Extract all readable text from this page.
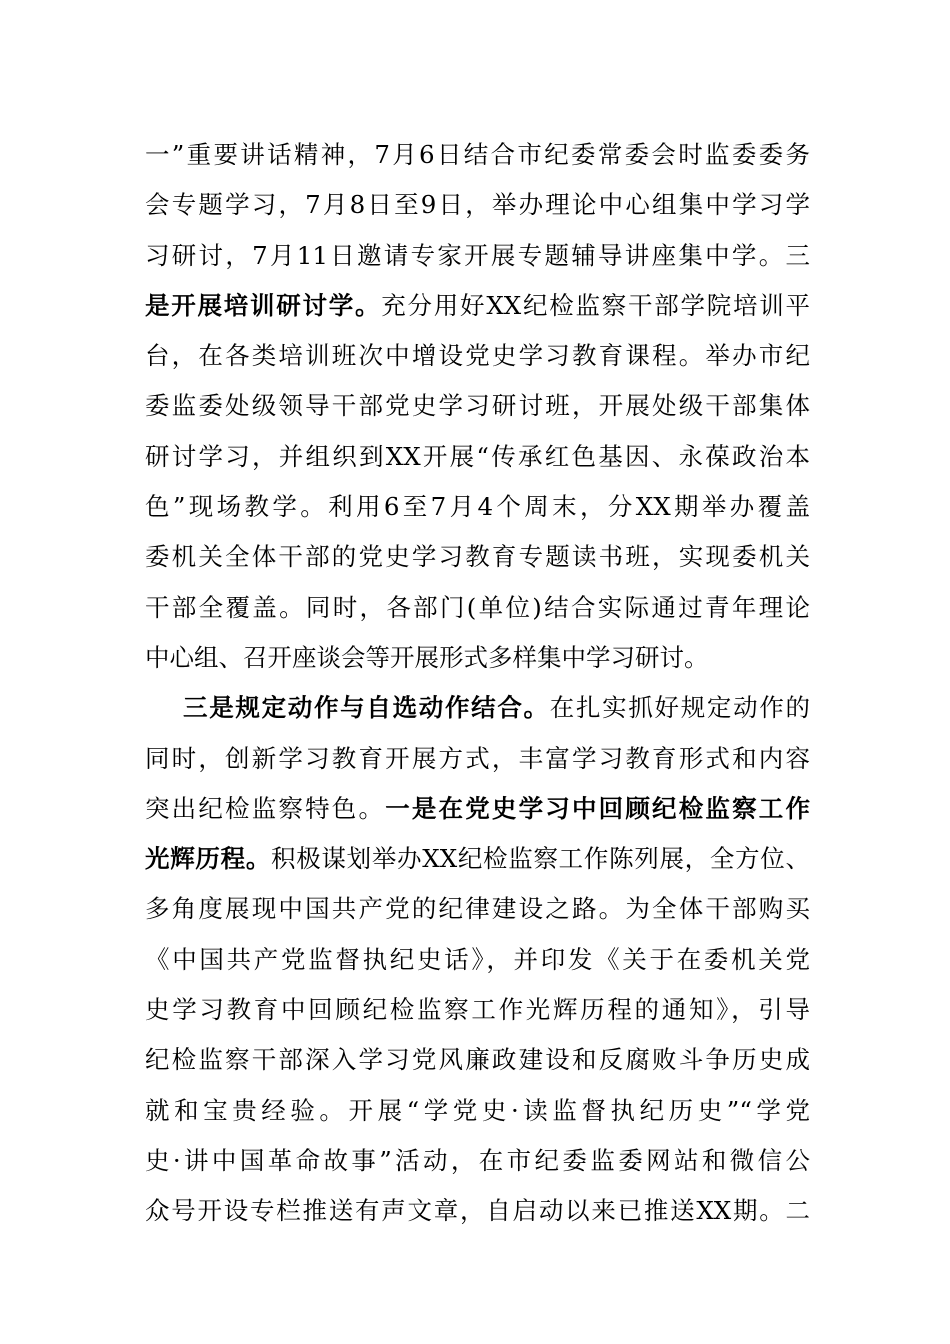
一”重要讲话精神，7月6日结合市纪委常委会时监委委务
会专题学习，7月8日至9日，举办理论中心组集中学习学
习研讨，7月11日邀请专家开展专题辅导讲座集中学。三
是开展培训研讨学。充分用好XX纪检监察干部学院培训平
台，在各类培训班次中增设党史学习教育课程。举办市纪
委监委处级领导干部党史学习研讨班，开展处级干部集体
研讨学习，并组织到XX开展“传承红色基因、永葆政治本
色”现场教学。利用6至7月4个周末，分XX期举办覆盖
委机关全体干部的党史学习教育专题读书班，实现委机关
干部全覆盖。同时，各部门(单位)结合实际通过青年理论
中心组、召开座谈会等开展形式多样集中学习研讨。
三是规定动作与自选动作结合。在扎实抓好规定动作的
同时，创新学习教育开展方式，丰富学习教育形式和内容
突出纪检监察特色。一是在党史学习中回顾纪检监察工作
光辉历程。积极谋划举办XX纪检监察工作陈列展，全方位、
多角度展现中国共产党的纪律建设之路。为全体干部购买
《中国共产党监督执纪史话》，并印发《关于在委机关党
史学习教育中回顾纪检监察工作光辉历程的通知》，引导
纪检监察干部深入学习党风廉政建设和反腐败斗争历史成
就和宝贵经验。开展“学党史·读监督执纪历史”“学党
史·讲中国革命故事”活动，在市纪委监委网站和微信公
众号开设专栏推送有声文章，自启动以来已推送XX期。二
